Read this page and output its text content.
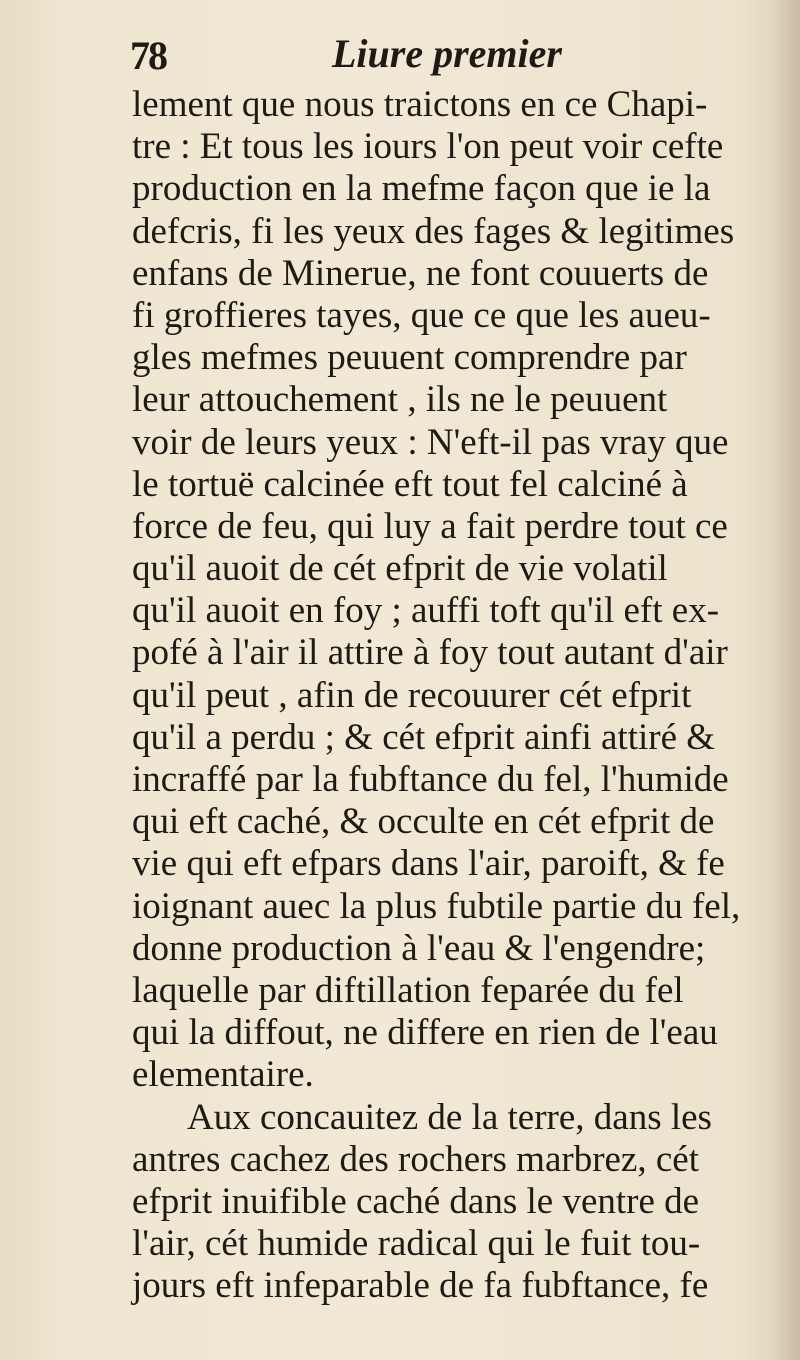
78	Liure premier
lement que nous traictons en ce Chapi-
tre : Et tous les iours l'on peut voir cefte
production en la mefme façon que ie la
defcris, fi les yeux des fages & legitimes
enfans de Minerue, ne font couuerts de
fi groffieres tayes, que ce que les aueu-
gles mefmes peuuent comprendre par
leur attouchement , ils ne le peuuent
voir de leurs yeux : N'eft-il pas vray que
le tortuë calcinée eft tout fel calciné à
force de feu, qui luy a fait perdre tout ce
qu'il auoit de cét efprit de vie volatil
qu'il auoit en foy ; auffi toft qu'il eft ex-
pofé à l'air il attire à foy tout autant d'air
qu'il peut , afin de recouurer cét efprit
qu'il a perdu ; & cét efprit ainfi attiré &
incraffé par la fubftance du fel, l'humide
qui eft caché, & occulte en cét efprit de
vie qui eft efpars dans l'air, paroift, & fe
ioignant auec la plus fubtile partie du fel,
donne production à l'eau & l'engendre;
laquelle par diftillation feparée du fel
qui la diffout, ne differe en rien de l'eau
elementaire.
Aux concauitez de la terre, dans les
antres cachez des rochers marbrez, cét
efprit inuifible caché dans le ventre de
l'air, cét humide radical qui le fuit tou-
jours eft infeparable de fa fubftance, fe
